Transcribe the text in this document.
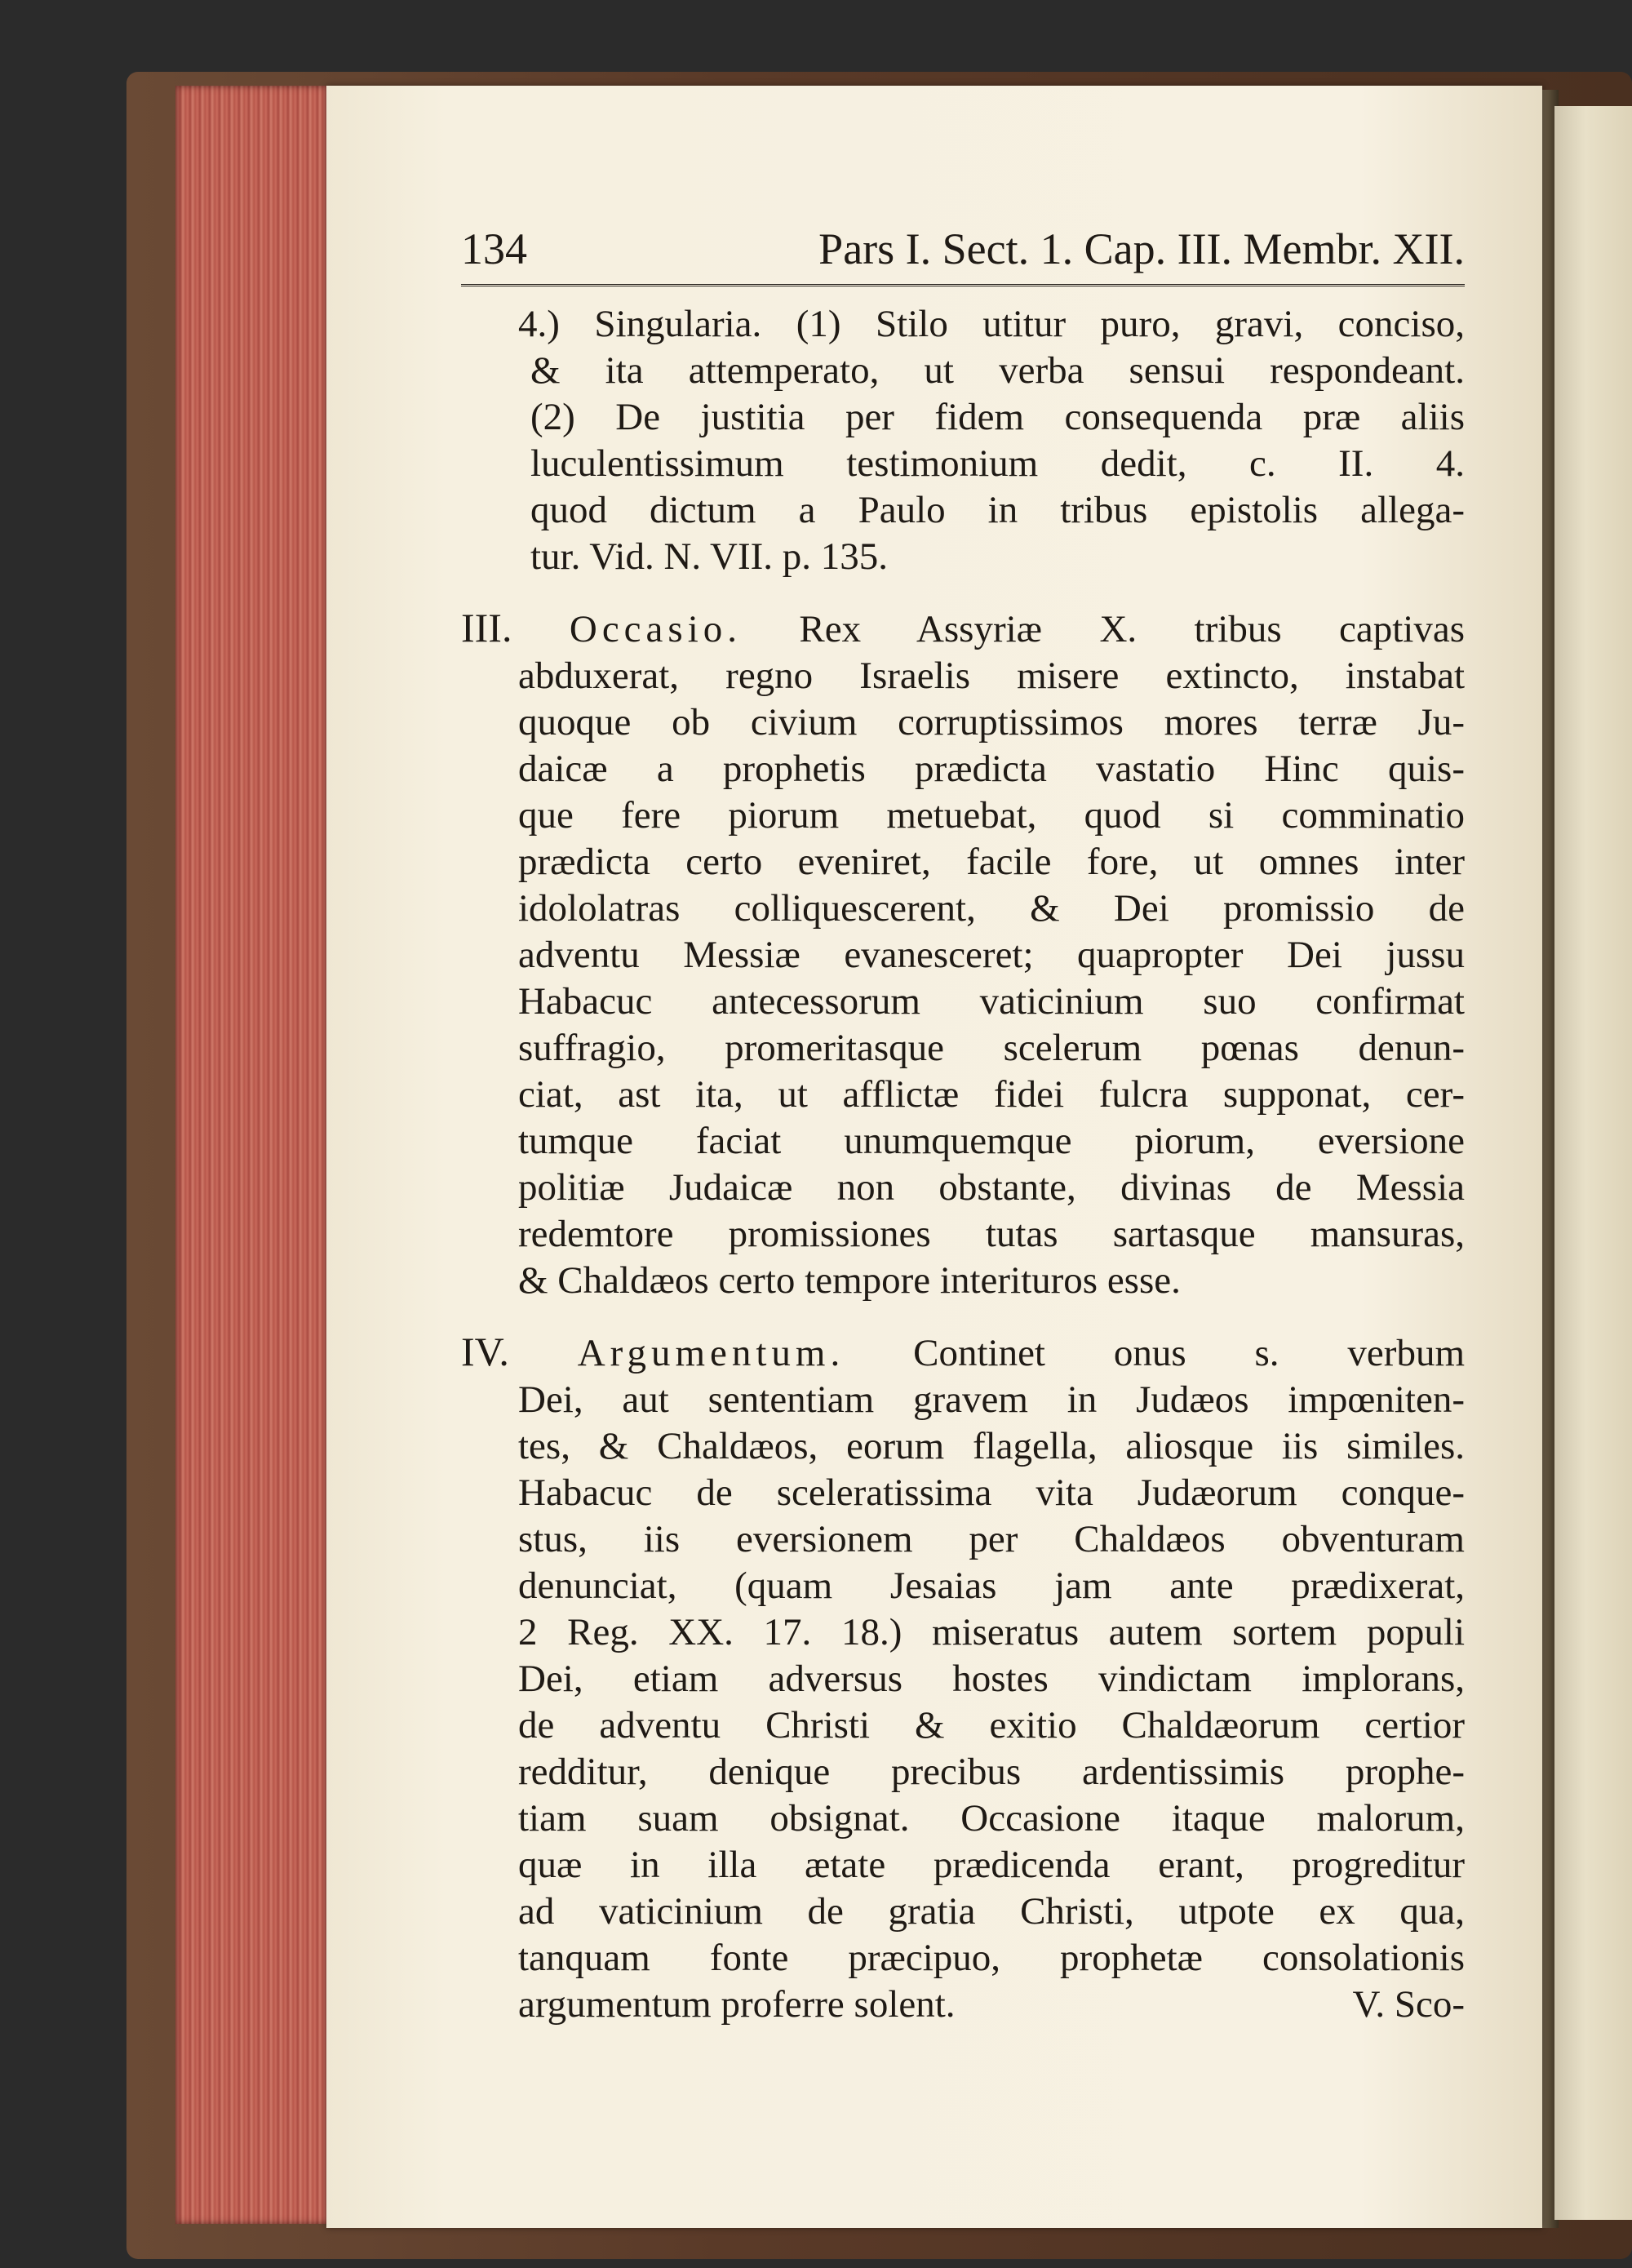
134	Pars I. Sect. 1. Cap. III. Membr. XII.
4.) Singularia. (1) Stilo utitur puro, gravi, conciso,
& ita attemperato, ut verba sensui respondeant.
(2) De justitia per fidem consequenda præ aliis
luculentissimum testimonium dedit, c. II. 4.
quod dictum a Paulo in tribus epistolis allega-
tur. Vid. N. VII. p. 135.
III. Occasio. Rex Assyriæ X. tribus captivas
abduxerat, regno Israelis misere extincto, instabat
quoque ob civium corruptissimos mores terræ Ju-
daicæ a prophetis prædicta vastatio Hinc quis-
que fere piorum metuebat, quod si comminatio
prædicta certo eveniret, facile fore, ut omnes inter
idololatras colliquescerent, & Dei promissio de
adventu Messiæ evanesceret; quapropter Dei jussu
Habacuc antecessorum vaticinium suo confirmat
suffragio, promeritasque scelerum pœnas denun-
ciat, ast ita, ut afflictæ fidei fulcra supponat, cer-
tumque faciat unumquemque piorum, eversione
politiæ Judaicæ non obstante, divinas de Messia
redemtore promissiones tutas sartasque mansuras,
& Chaldæos certo tempore interituros esse.
IV. Argumentum. Continet onus s. verbum
Dei, aut sententiam gravem in Judæos impœniten-
tes, & Chaldæos, eorum flagella, aliosque iis similes.
Habacuc de sceleratissima vita Judæorum conque-
stus, iis eversionem per Chaldæos obventuram
denunciat, (quam Jesaias jam ante prædixerat,
2 Reg. XX. 17. 18.) miseratus autem sortem populi
Dei, etiam adversus hostes vindictam implorans,
de adventu Christi & exitio Chaldæorum certior
redditur, denique precibus ardentissimis prophe-
tiam suam obsignat. Occasione itaque malorum,
quæ in illa ætate prædicenda erant, progreditur
ad vaticinium de gratia Christi, utpote ex qua,
tanquam fonte præcipuo, prophetæ consolationis
argumentum proferre solent.	V. Sco-
